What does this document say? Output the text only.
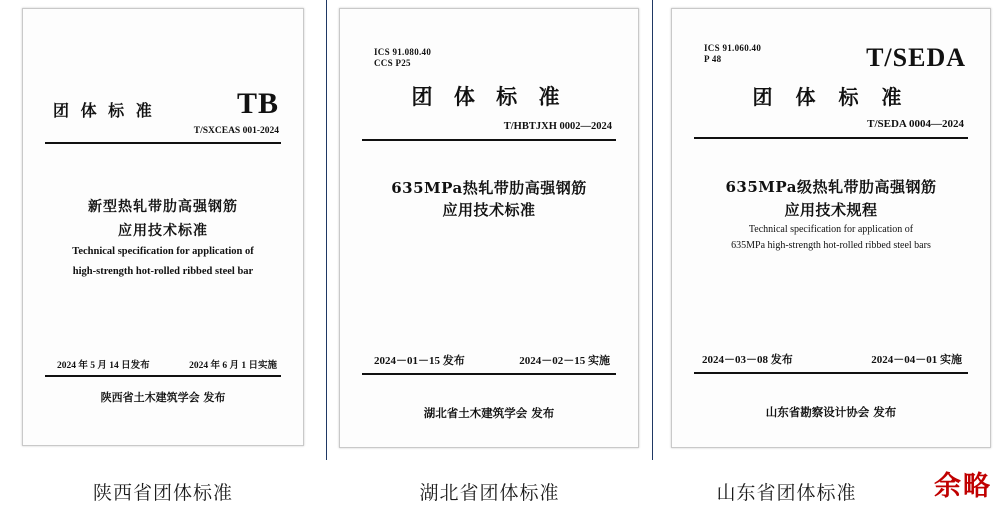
团 体 标 准	TB
T/SXCEAS 001-2024
新型热轧带肋高强钢筋
应用技术标准
Technical specification for application of
high-strength hot-rolled ribbed steel bar
2024 年 5 月 14 日发布	2024 年 6 月 1 日实施
陕西省土木建筑学会 发布
陕西省团体标准
ICS 91.080.40
CCS P25
团 体 标 准
T/HBTJXH 0002—2024
635MPa热轧带肋高强钢筋
应用技术标准
2024－01－15 发布	2024－02－15 实施
湖北省土木建筑学会 发布
湖北省团体标准
ICS 91.060.40
P 48	T/SEDA
团 体 标 准
T/SEDA 0004—2024
635MPa级热轧带肋高强钢筋
应用技术规程
Technical specification for application of
635MPa high-strength hot-rolled ribbed steel bars
2024－03－08 发布	2024－04－01 实施
山东省勘察设计协会 发布
山东省团体标准	余略
